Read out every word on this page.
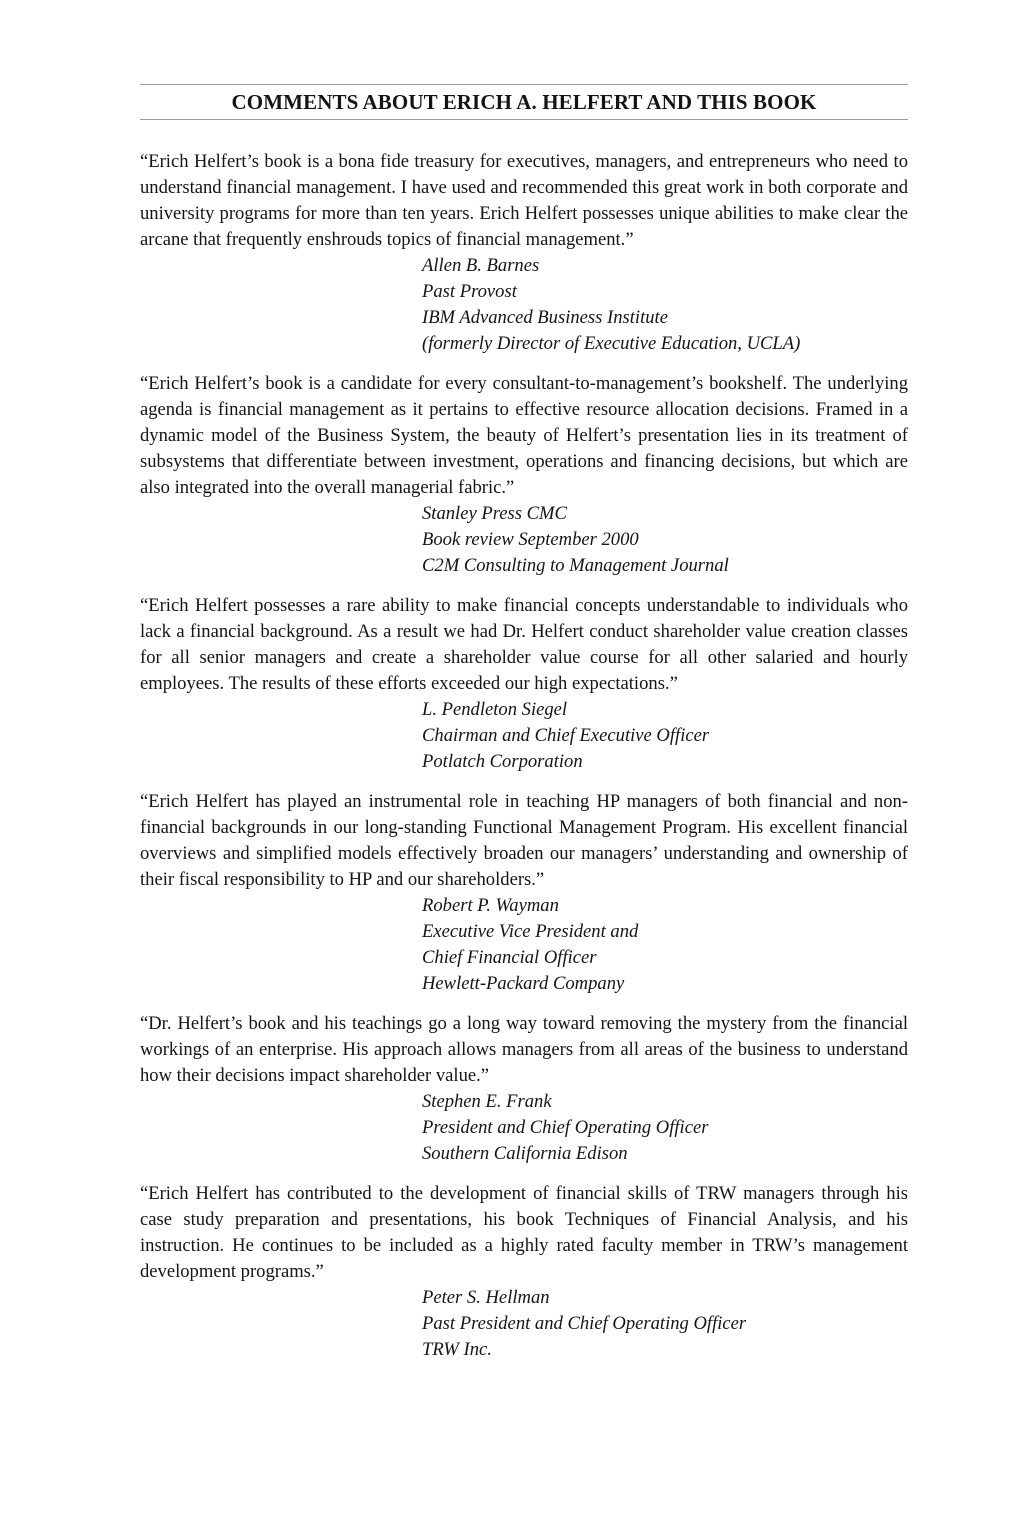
COMMENTS ABOUT ERICH A. HELFERT AND THIS BOOK

“Erich Helfert’s book is a bona fide treasury for executives, managers, and entrepreneurs who need to understand financial management. I have used and recommended this great work in both corporate and university programs for more than ten years. Erich Helfert possesses unique abilities to make clear the arcane that frequently enshrouds topics of financial management.”

Allen B. Barnes
Past Provost
IBM Advanced Business Institute
(formerly Director of Executive Education, UCLA)

“Erich Helfert’s book is a candidate for every consultant-to-management’s bookshelf. The underlying agenda is financial management as it pertains to effective resource allocation decisions. Framed in a dynamic model of the Business System, the beauty of Helfert’s presentation lies in its treatment of subsystems that differentiate between investment, operations and financing decisions, but which are also integrated into the overall managerial fabric.”

Stanley Press CMC
Book review September 2000
C2M Consulting to Management Journal

“Erich Helfert possesses a rare ability to make financial concepts understandable to individuals who lack a financial background. As a result we had Dr. Helfert conduct shareholder value creation classes for all senior managers and create a shareholder value course for all other salaried and hourly employees. The results of these efforts exceeded our high expectations.”

L. Pendleton Siegel
Chairman and Chief Executive Officer
Potlatch Corporation

“Erich Helfert has played an instrumental role in teaching HP managers of both financial and non-financial backgrounds in our long-standing Functional Management Program. His excellent financial overviews and simplified models effectively broaden our managers’ understanding and ownership of their fiscal responsibility to HP and our shareholders.”

Robert P. Wayman
Executive Vice President and
Chief Financial Officer
Hewlett-Packard Company

“Dr. Helfert’s book and his teachings go a long way toward removing the mystery from the financial workings of an enterprise. His approach allows managers from all areas of the business to understand how their decisions impact shareholder value.”

Stephen E. Frank
President and Chief Operating Officer
Southern California Edison

“Erich Helfert has contributed to the development of financial skills of TRW managers through his case study preparation and presentations, his book Techniques of Financial Analysis, and his instruction. He continues to be included as a highly rated faculty member in TRW’s management development programs.”

Peter S. Hellman
Past President and Chief Operating Officer
TRW Inc.
